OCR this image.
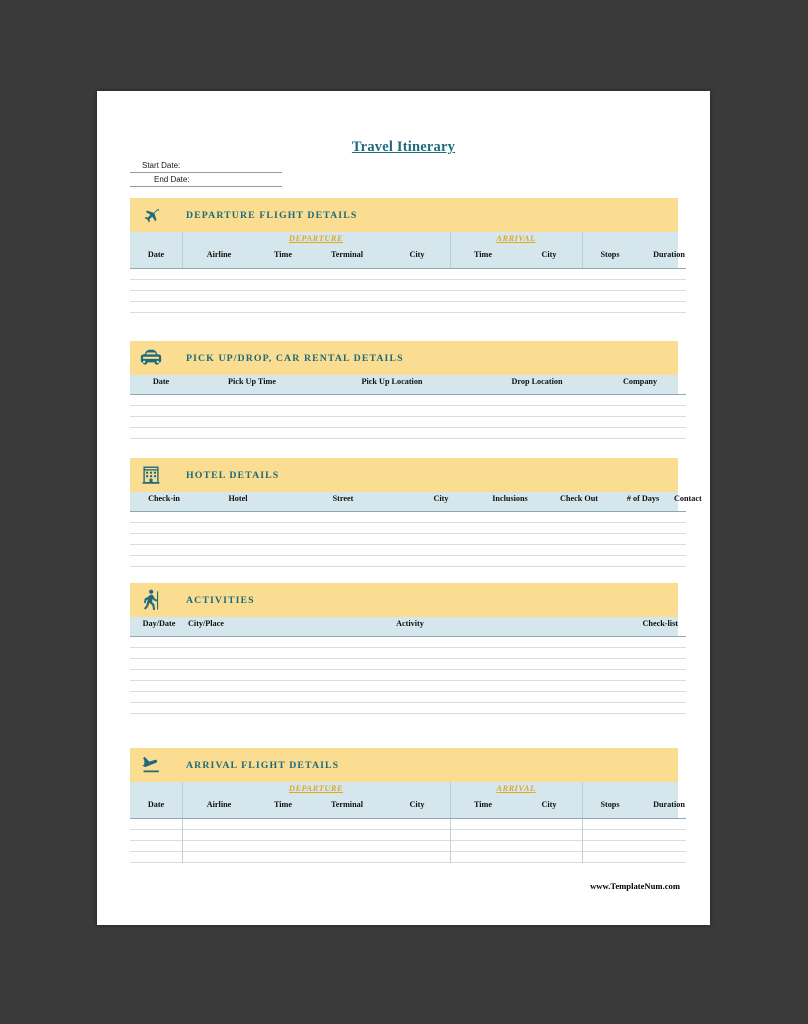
Travel Itinerary
Start Date:
End Date:
DEPARTURE FLIGHT DETAILS
DEPARTURE	ARRIVAL
Date	Airline	Time	Terminal	City	Time	City	Stops	Duration
PICK UP/DROP, CAR RENTAL DETAILS
Date	Pick Up Time	Pick Up Location	Drop Location	Company
HOTEL DETAILS
Check-in	Hotel	Street	City	Inclusions	Check Out	# of Days	Contact
ACTIVITIES
Day/Date	City/Place	Activity	Check-list
ARRIVAL FLIGHT DETAILS
DEPARTURE	ARRIVAL
Date	Airline	Time	Terminal	City	Time	City	Stops	Duration
www.TemplateNum.com
